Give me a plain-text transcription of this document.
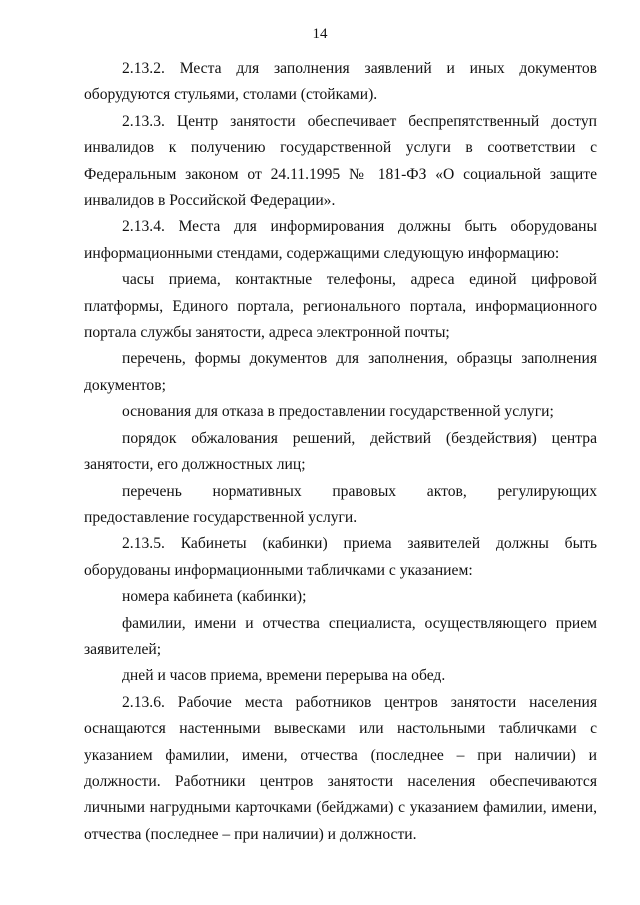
14

2.13.2. Места для заполнения заявлений и иных документов оборудуются стульями, столами (стойками).

2.13.3. Центр занятости обеспечивает беспрепятственный доступ инвалидов к получению государственной услуги в соответствии с Федеральным законом от 24.11.1995 № 181-ФЗ «О социальной защите инвалидов в Российской Федерации».

2.13.4. Места для информирования должны быть оборудованы информационными стендами, содержащими следующую информацию:

часы приема, контактные телефоны, адреса единой цифровой платформы, Единого портала, регионального портала, информационного портала службы занятости, адреса электронной почты;

перечень, формы документов для заполнения, образцы заполнения документов;

основания для отказа в предоставлении государственной услуги;

порядок обжалования решений, действий (бездействия) центра занятости, его должностных лиц;

перечень нормативных правовых актов, регулирующих предоставление государственной услуги.

2.13.5. Кабинеты (кабинки) приема заявителей должны быть оборудованы информационными табличками с указанием:

номера кабинета (кабинки);

фамилии, имени и отчества специалиста, осуществляющего прием заявителей;

дней и часов приема, времени перерыва на обед.

2.13.6. Рабочие места работников центров занятости населения оснащаются настенными вывесками или настольными табличками с указанием фамилии, имени, отчества (последнее – при наличии) и должности. Работники центров занятости населения обеспечиваются личными нагрудными карточками (бейджами) с указанием фамилии, имени, отчества (последнее – при наличии) и должности.
